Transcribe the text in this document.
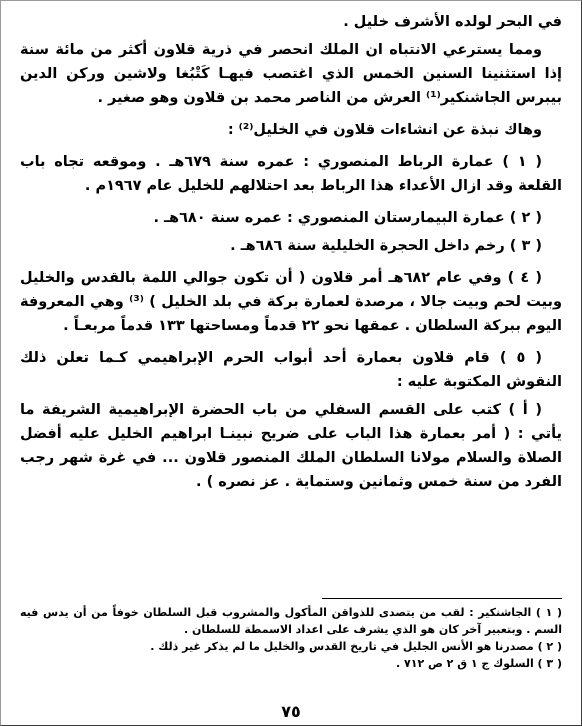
في البحر لولده الأشرف خليل .

ومما يسترعي الانتباه ان الملك انحصر في ذرية قلاون أكثر من مائة سنة إذا استثنينا السنين الخمس الذي اغتصب فيهـا كَتْبُغا ولاشين وركن الدين بيبرس الجاشنكير⁽¹⁾ العرش من الناصر محمد بن قلاون وهو صغير .

وهاك نبذة عن انشاءات قلاون في الخليل⁽²⁾ :

( ١ ) عمارة الرباط المنصوري : عمره سنة ٦٧٩هـ . وموقعه تجاه باب القلعة وقد ازال الأعداء هذا الرباط بعد احتلالهم للخليل عام ١٩٦٧م .

( ٢ ) عمارة البيمارستان المنصوري : عمره سنة ٦٨٠هـ .

( ٣ ) رخم داخل الحجرة الخليلية سنة ٦٨٦هـ .

( ٤ ) وفي عام ٦٨٢هـ أمر قلاون ( أن تكون جوالي اللمة بالقدس والخليل وبيت لحم وبيت جالا ، مرصدة لعمارة بركة في بلد الخليل ) ⁽³⁾ وهي المعروفة اليوم ببركة السلطان . عمقها نحو ٢٢ قدماً ومساحتها ١٣٣ قدماً مربعـاً .

( ٥ ) قام قلاون بعمارة أحد أبواب الحرم الإبراهيمي كـما تعلن ذلك النقوش المكتوبة عليه :

( أ ) كتب على القسم السفلي من باب الحضرة الإبراهيمية الشريفة ما يأتي : ( أمر بعمارة هذا الباب على ضريح نبينـا ابراهيم الخليل عليه أفضل الصلاة والسلام مولانا السلطان الملك المنصور قلاون ... في غرة شهر رجب الفرد من سنة خمس وثمانين وستماية . عز نصره ) .

( ١ ) الجاشنكير : لقب من يتصدى للذواقن المأكول والمشروب قبل السلطان خوفاً من أن يدس فيه السم . وبتعبير آخر كان هو الذي يشرف على اعداد الاسمطة للسلطان .

( ٢ ) مصدرنا هو الأنس الجليل في تاريخ القدس والخليل ما لم يذكر غير ذلك .

( ٣ ) السلوك ج ١ ق ٢ ص ٧١٢ .

٧٥
